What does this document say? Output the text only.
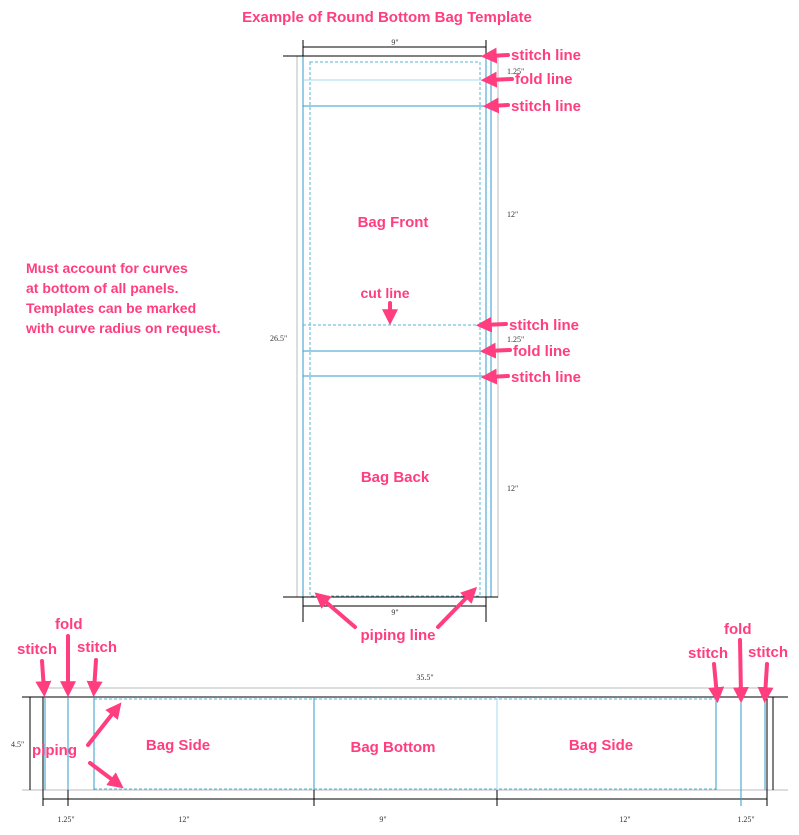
Example of Round Bottom Bag Template
Must account for curves
at bottom of all panels.
Templates can be marked
with curve radius on request.
9"
9"
26.5"
1.25"
1.25"
12"
12"
Bag Front
Bag Back
stitch line
fold line
stitch line
stitch line
fold line
stitch line
cut line
piping line
35.5"
4.5"
1.25"	12"	9"	12"	1.25"
Bag Side	Bag Bottom	Bag Side
stitch
fold
stitch
piping
stitch
fold
stitch
